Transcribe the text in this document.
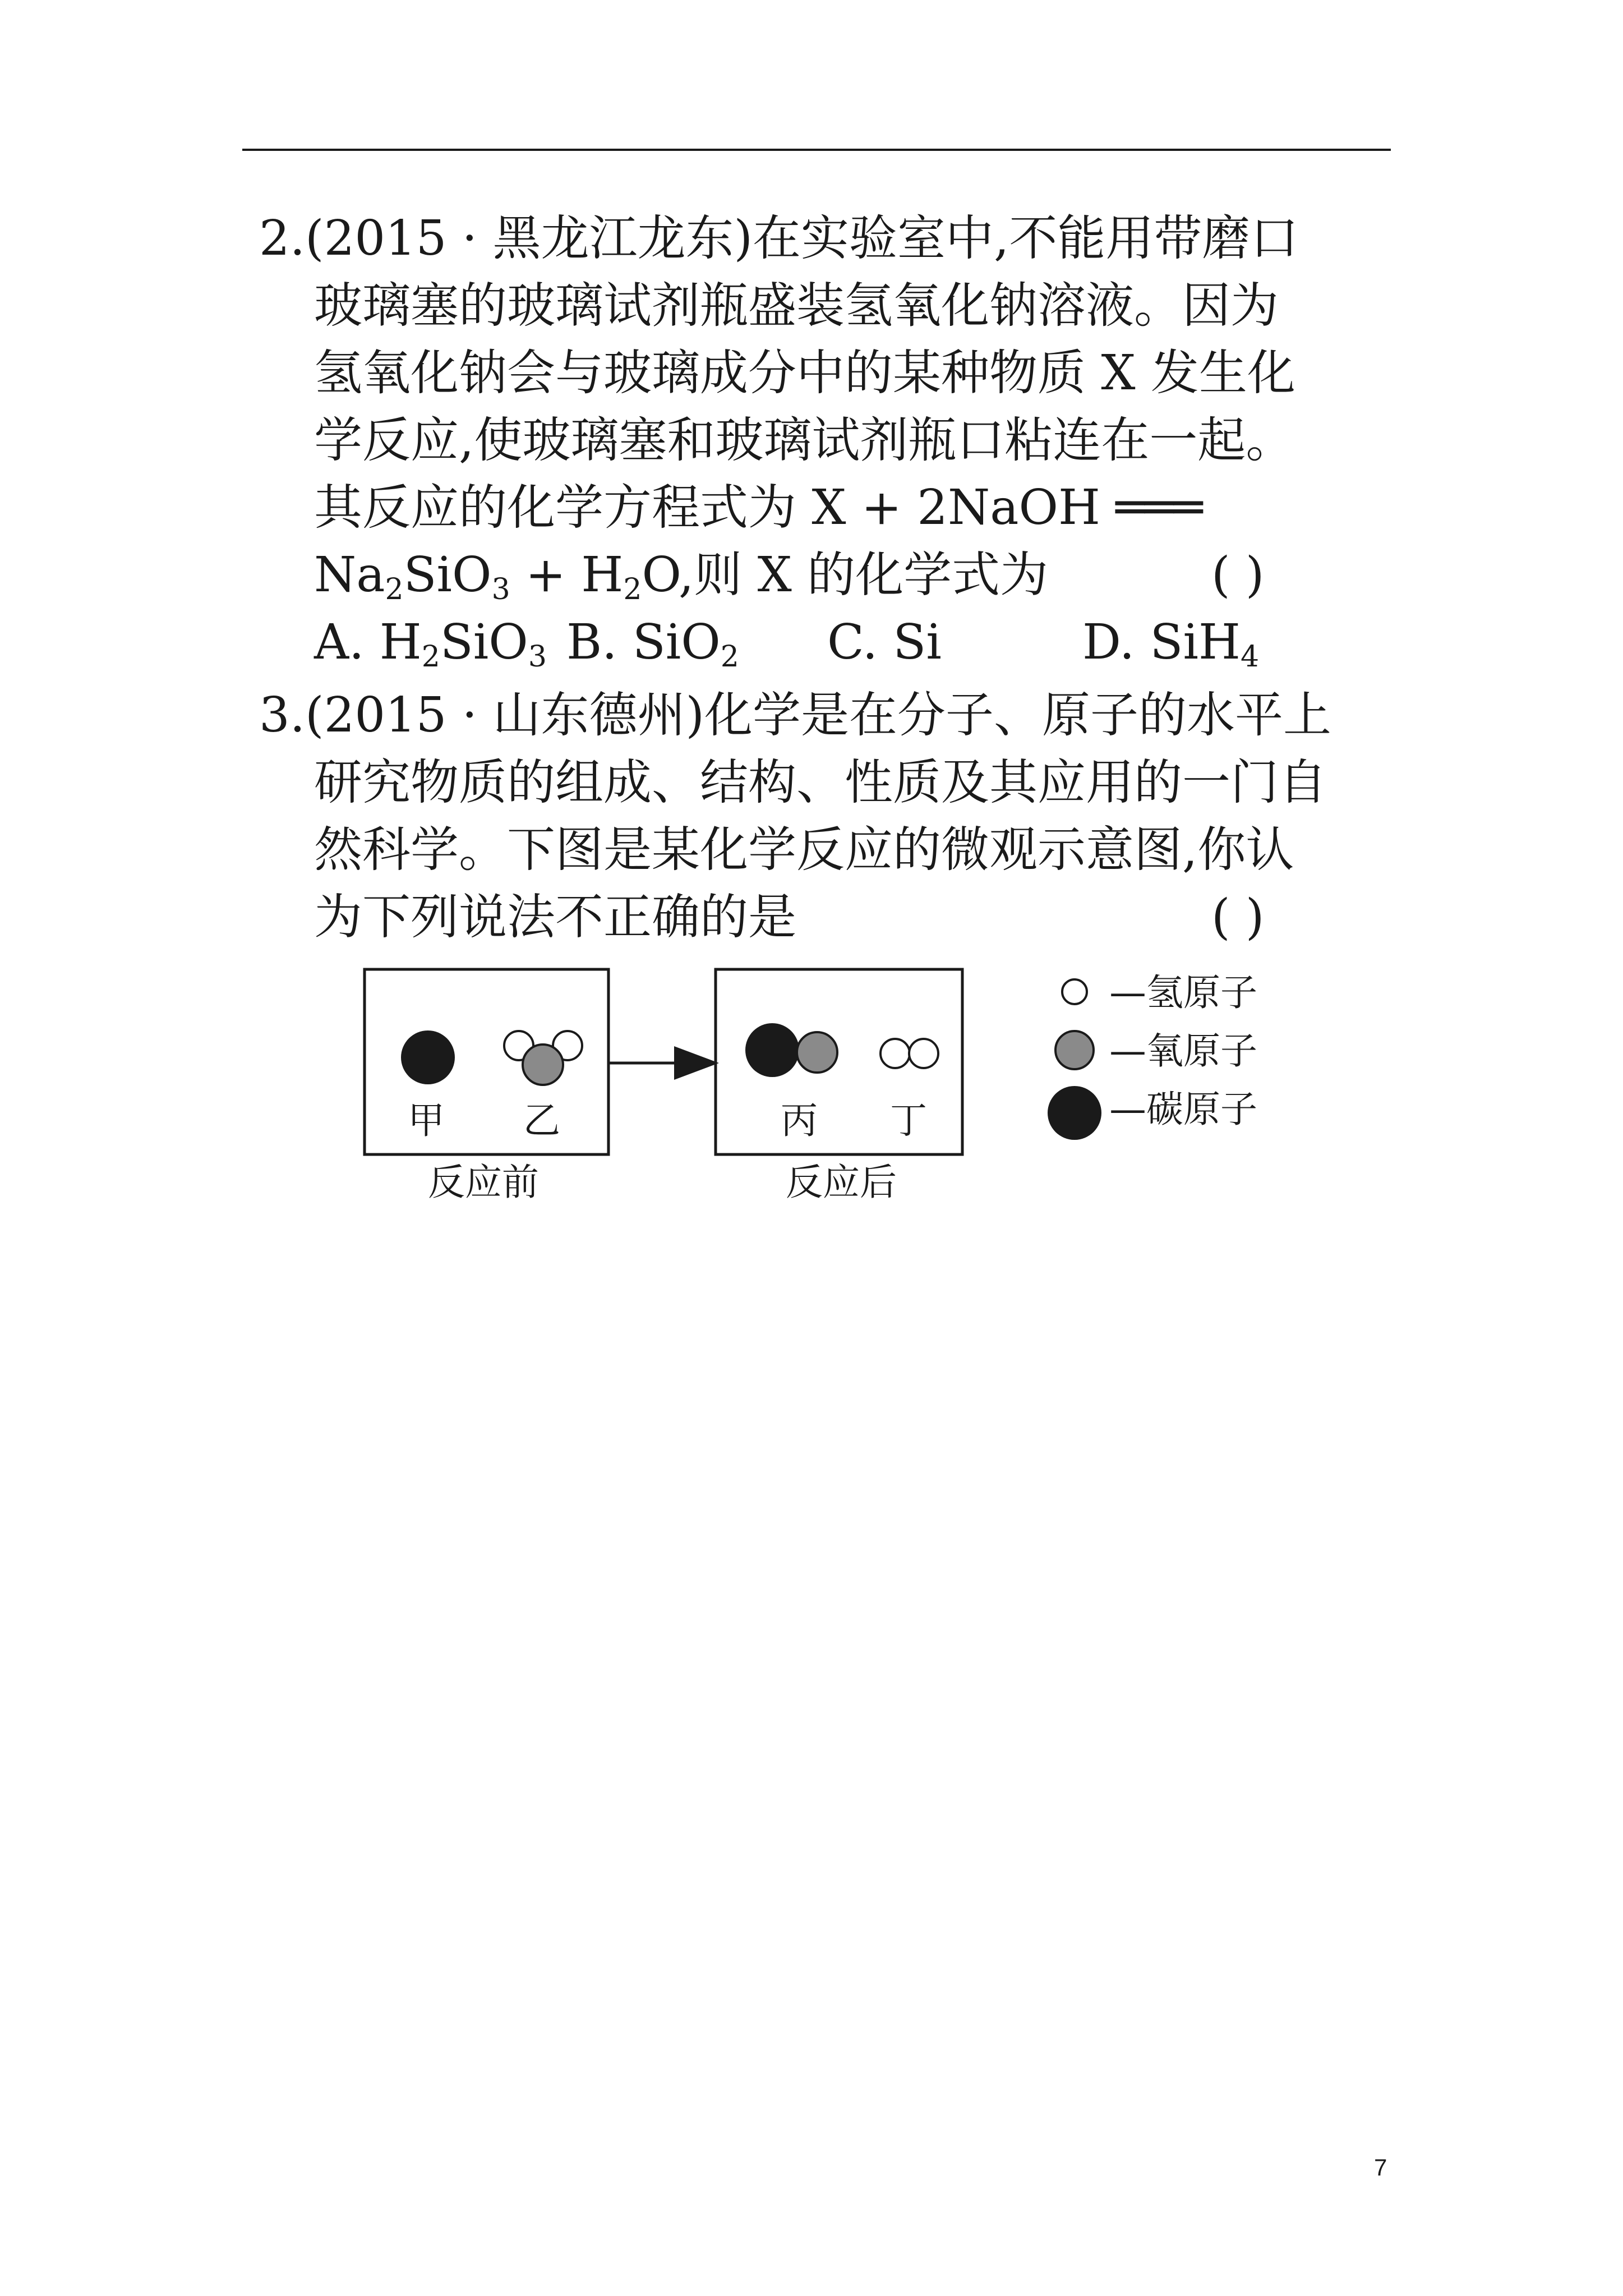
2.(2015 · 黑龙江龙东)在实验室中,不能用带磨口
玻璃塞的玻璃试剂瓶盛装氢氧化钠溶液。因为
氢氧化钠会与玻璃成分中的某种物质 X 发生化
学反应,使玻璃塞和玻璃试剂瓶口粘连在一起。
其反应的化学方程式为 X + 2NaOH ═══
$Na_2SiO_3 + H_2O$,则 X 的化学式为	( )
A. $H_2SiO_3$ B. SiO$_2$ C. Si	D. SiH$_4$
3.(2015 · 山东德州)化学是在分子、原子的水平上
研究物质的组成、结构、性质及其应用的一门自
然科学。下图是某化学反应的微观示意图,你认
为下列说法不正确的是	( )
甲 乙
反应前
丙 丁
反应后
—氢原子
—氧原子
—碳原子
7
